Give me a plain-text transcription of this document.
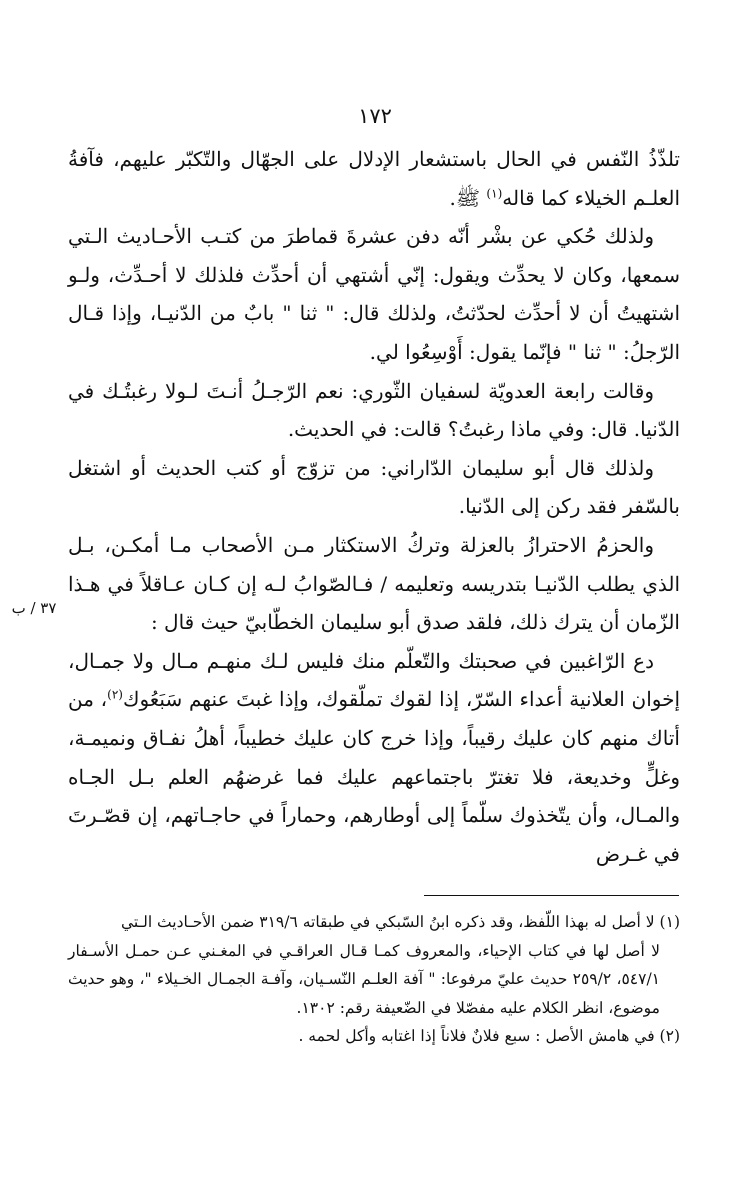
١٧٢
٣٧ / ب

تلذّذُ النّفس في الحال باستشعار الإدلال على الجهّال والتّكبّر عليهم، فآفةُ العلـم الخيلاء كما قاله$^{(١)}$ ﷺ.

ولذلك حُكي عن بشْر أنّه دفن عشرةَ قماطرَ من كتـب الأحـاديث الـتي سمعها، وكان لا يحدِّث ويقول: إنّي أشتهي أن أحدِّث فلذلك لا أحـدِّث، ولـو اشتهيتُ أن لا أحدِّث لحدّثتُ، ولذلك قال: " ثنا " بابٌ من الدّنيـا، وإذا قـال الرّجلُ: " ثنا " فإنّما يقول: أَوْسِعُوا لي.

وقالت رابعة العدويّة لسفيان الثّوري: نعم الرّجـلُ أنـتَ لـولا رغبتُـك في الدّنيا. قال: وفي ماذا رغبتُ؟ قالت: في الحديث.

ولذلك قال أبو سليمان الدّاراني: من تزوّج أو كتب الحديث أو اشتغل بالسّفر فقد ركن إلى الدّنيا.

والحزمُ الاحترازُ بالعزلة وتركُ الاستكثار مـن الأصحاب مـا أمكـن، بـل الذي يطلب الدّنيـا بتدريسه وتعليمه / فـالصّوابُ لـه إن كـان عـاقلاً في هـذا الزّمان أن يترك ذلك، فلقد صدق أبو سليمان الخطّابيّ حيث قال :

دع الرّاغبين في صحبتك والتّعلّم منك فليس لـك منهـم مـال ولا جمـال، إخوان العلانية أعداء السّرّ، إذا لقوك تملّقوك، وإذا غبتَ عنهم سَبَعُوك$^{(٢)}$، من أتاك منهم كان عليك رقيباً، وإذا خرج كان عليك خطيباً، أهلُ نفـاق ونميمـة، وغلٍّ وخديعة، فلا تغترّ باجتماعهم عليك فما غرضهُم العلم بـل الجـاه والمـال، وأن يتّخذوك سلّماً إلى أوطارهم، وحماراً في حاجـاتهم، إن قصّـرتَ في غـرض

(١) لا أصل له بهذا اللّفظ، وقد ذكره ابنُ السّبكي في طبقاته ٣١٩/٦ ضمن الأحـاديث الـتي

لا أصل لها في كتاب الإحياء، والمعروف كمـا قـال العراقـي في المغـني عـن حمـل الأسـفار ٥٤٧/١، ٢٥٩/٢ حديث عليّ مرفوعا: " آفة العلـم النّسـيان، وآفـة الجمـال الخـيلاء "، وهو حديث موضوع، انظر الكلام عليه مفصّلا في الضّعيفة رقم: ١٣٠٢.

(٢) في هامش الأصل : سبع فلانٌ فلاناً إذا اغتابه وأكل لحمه .
